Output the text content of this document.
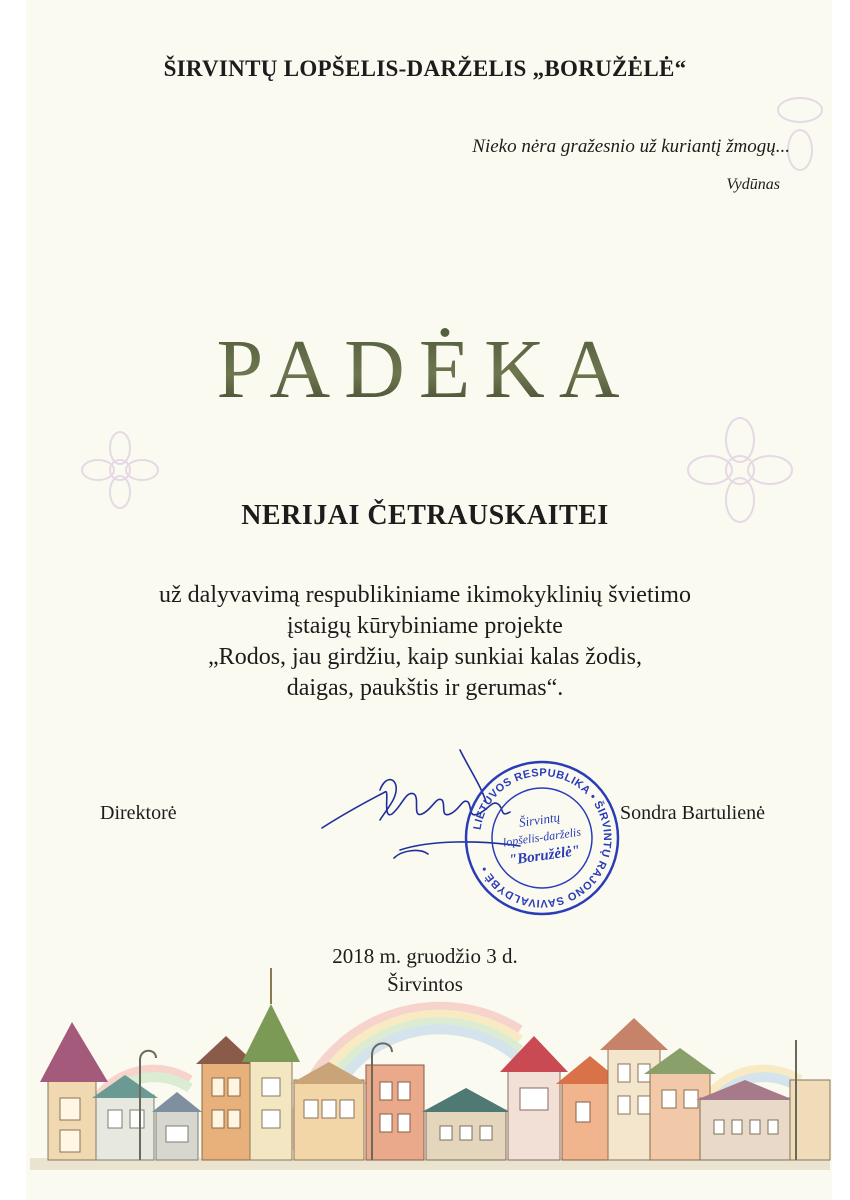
ŠIRVINTŲ LOPŠELIS-DARŽELIS „BORUŽĖLĖ“
Nieko nėra gražesnio už kuriantį žmogų...
Vydūnas
PADĖKA
NERIJAI ČETRAUSKAITEI
už dalyvavimą respublikiniame ikimokyklinių švietimo
įstaigų kūrybiniame projekte
„Rodos, jau girdžiu, kaip sunkiai kalas žodis,
daigas, paukštis ir gerumas“.
Direktorė
LIETUVOS RESPUBLIKA • ŠIRVINTŲ RAJONO SAVIVALDYBĖ •
Širvintų
lopšelis-darželis
"Boružėlė"
Sondra Bartulienė
2018 m. gruodžio 3 d.
Širvintos
